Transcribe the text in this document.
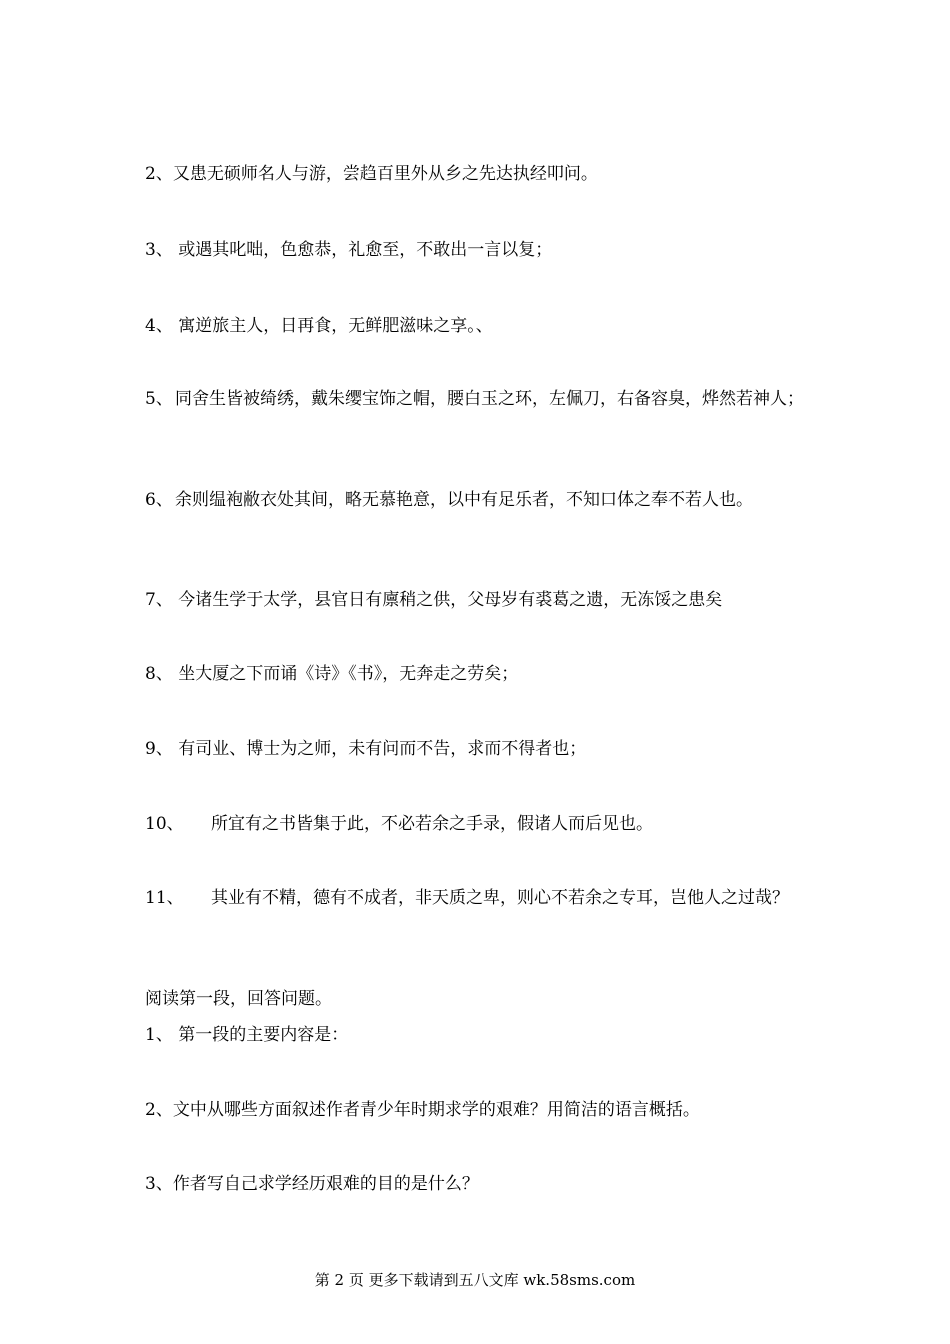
2、又患无硕师名人与游，尝趋百里外从乡之先达执经叩问。
3、 或遇其叱咄，色愈恭，礼愈至，不敢出一言以复；
4、 寓逆旅主人，日再食，无鲜肥滋味之享。、
5、 同舍生皆被绮绣，戴朱缨宝饰之帽，腰白玉之环，左佩刀，右备容臭，烨然若神人；
6、 余则缊袍敝衣处其间，略无慕艳意，以中有足乐者，不知口体之奉不若人也。
7、 今诸生学于太学，县官日有廪稍之供，父母岁有裘葛之遗，无冻馁之患矣
8、 坐大厦之下而诵《诗》《书》，无奔走之劳矣；
9、 有司业、博士为之师，未有问而不告，求而不得者也；
10、 所宜有之书皆集于此，不必若余之手录，假诸人而后见也。
11、 其业有不精，德有不成者，非天质之卑，则心不若余之专耳，岂他人之过哉？
阅读第一段，回答问题。
1、 第一段的主要内容是：
2、文中从哪些方面叙述作者青少年时期求学的艰难？用简洁的语言概括。
3、作者写自己求学经历艰难的目的是什么？
第 2 页 更多下载请到五八文库 wk.58sms.com
